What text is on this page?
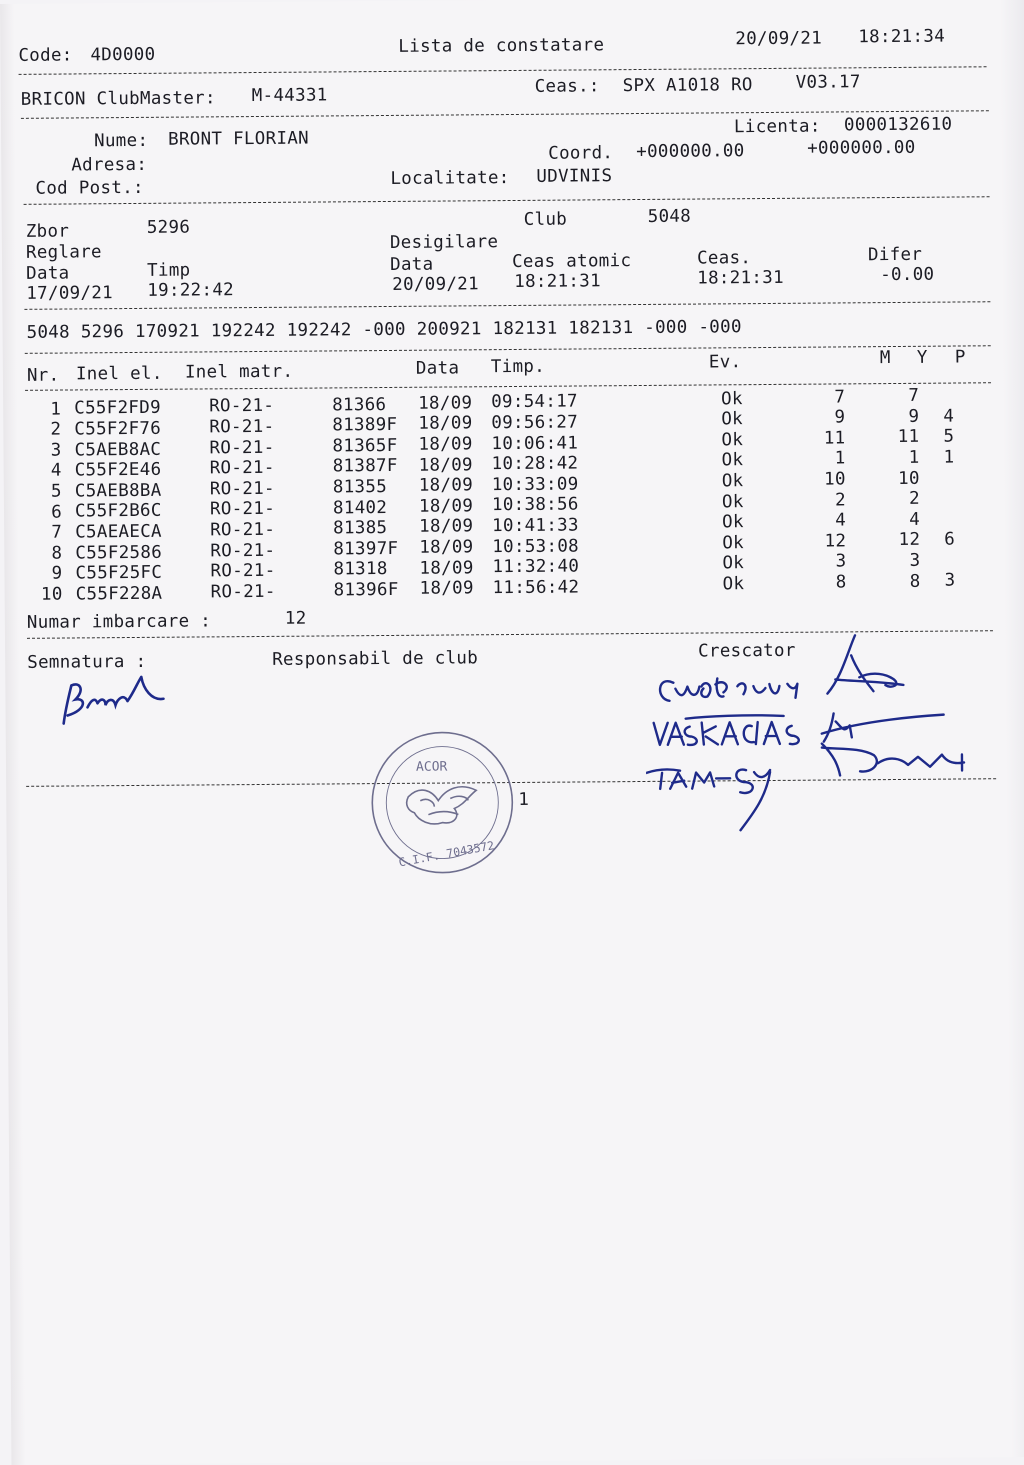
Code: 4D0000	Lista de constatare	20/09/21 18:21:34
BRICON ClubMaster: M-44331	Ceas.: SPX A1018 RO V03.17
Nume: BRONT FLORIAN
Adresa:
Cod Post.:
Licenta: 0000132610
Coord. +000000.00	+000000.00
Localitate: UDVINIS
Zbor	5296	Club	5048
Reglare	Desigilare
Data	Timp	Data	Ceas atomic	Ceas.	Difer
17/09/21 19:22:42	20/09/21 18:21:31	18:21:31	-0.00
5048 5296 170921 192242 192242 -000 200921 182131 182131 -000 -000
Nr. Inel el. Inel matr.	Data Timp.	Ev.	M Y P
1 C55F2FD9	RO-21-	81366 18/09 09:54:17	Ok	7	7
2 C55F2F76	RO-21-	81389F 18/09 09:56:27	Ok	9	9 4
3 C5AEB8AC	RO-21-	81365F 18/09 10:06:41	Ok	11	11 5
4 C55F2E46	RO-21-	81387F 18/09 10:28:42	Ok	1	1 1
5 C5AEB8BA	RO-21-	81355 18/09 10:33:09	Ok	10	10
6 C55F2B6C	RO-21-	81402 18/09 10:38:56	Ok	2	2
7 C5AEAECA	RO-21-	81385 18/09 10:41:33	Ok	4	4
8 C55F2586	RO-21-	81397F 18/09 10:53:08	Ok	12	12 6
9 C55F25FC	RO-21-	81318 18/09 11:32:40	Ok	3	3
10 C55F228A	RO-21-	81396F 18/09 11:56:42	Ok	8	8 3
Numar imbarcare :	12
Semnatura :	Responsabil de club	Crescator
1
ACOR
C.I.F. 7043572
